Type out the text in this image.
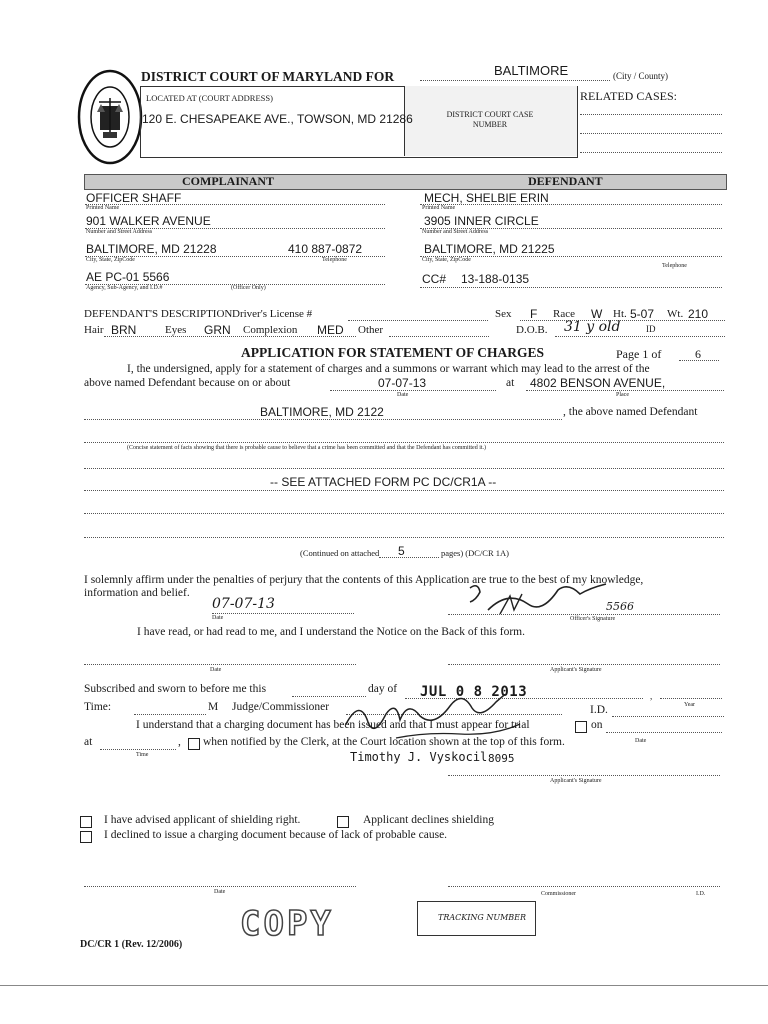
DISTRICT COURT OF MARYLAND FOR	BALTIMORE	(City / County)
LOCATED AT (COURT ADDRESS)
120 E. CHESAPEAKE AVE., TOWSON, MD 21286	DISTRICT COURT CASE NUMBER
RELATED CASES:
COMPLAINANT	DEFENDANT
OFFICER SHAFF
Printed Name
901 WALKER AVENUE
Number and Street Address
BALTIMORE, MD 21228	410 887-0872
City, State, ZipCode	Telephone
AE PC-01 5566
Agency, Sub-Agency, and I.D.#	(Officer Only)
MECH, SHELBIE ERIN
Printed Name
3905 INNER CIRCLE
Number and Street Address
BALTIMORE, MD 21225
City, State, ZipCode
Telephone
CC# 13-188-0135
DEFENDANT'S DESCRIPTION Driver's License #	Sex F Race W Ht. 5-07 Wt. 210
Hair BRN	Eyes GRN Complexion MED Other	D.O.B. 31 y old	ID
APPLICATION FOR STATEMENT OF CHARGES	Page 1 of	6
I, the undersigned, apply for a statement of charges and a summons or warrant which may lead to the arrest of the
above named Defendant because on or about	07-07-13
Date
at 4802 BENSON AVENUE,
Place
BALTIMORE, MD 2122	, the above named Defendant
(Concise statement of facts showing that there is probable cause to believe that a crime has been committed and that the Defendant has committed it.)
-- SEE ATTACHED FORM PC DC/CR1A --
(Continued on attached 5	pages) (DC/CR 1A)
I solemnly affirm under the penalties of perjury that the contents of this Application are true to the best of my knowledge,
information and belief.
07-07-13
Date
5566
Officer's Signature
I have read, or had read to me, and I understand the Notice on the Back of this form.
Date	Applicant's Signature
Subscribed and sworn to before me this	day of JUL 0 8 2013	,
Year
Time:	M Judge/Commissioner	I.D.
I understand that a charging document has been issued and that I must appear for trial	on
Date
at
Time
, when notified by the Clerk, at the Court location shown at the top of this form.
Timothy J. Vyskocil 8095
Applicant's Signature
I have advised applicant of shielding right.	Applicant declines shielding
I declined to issue a charging document because of lack of probable cause.
Date	Commissioner	I.D.
COPY	TRACKING NUMBER
DC/CR 1 (Rev. 12/2006)
